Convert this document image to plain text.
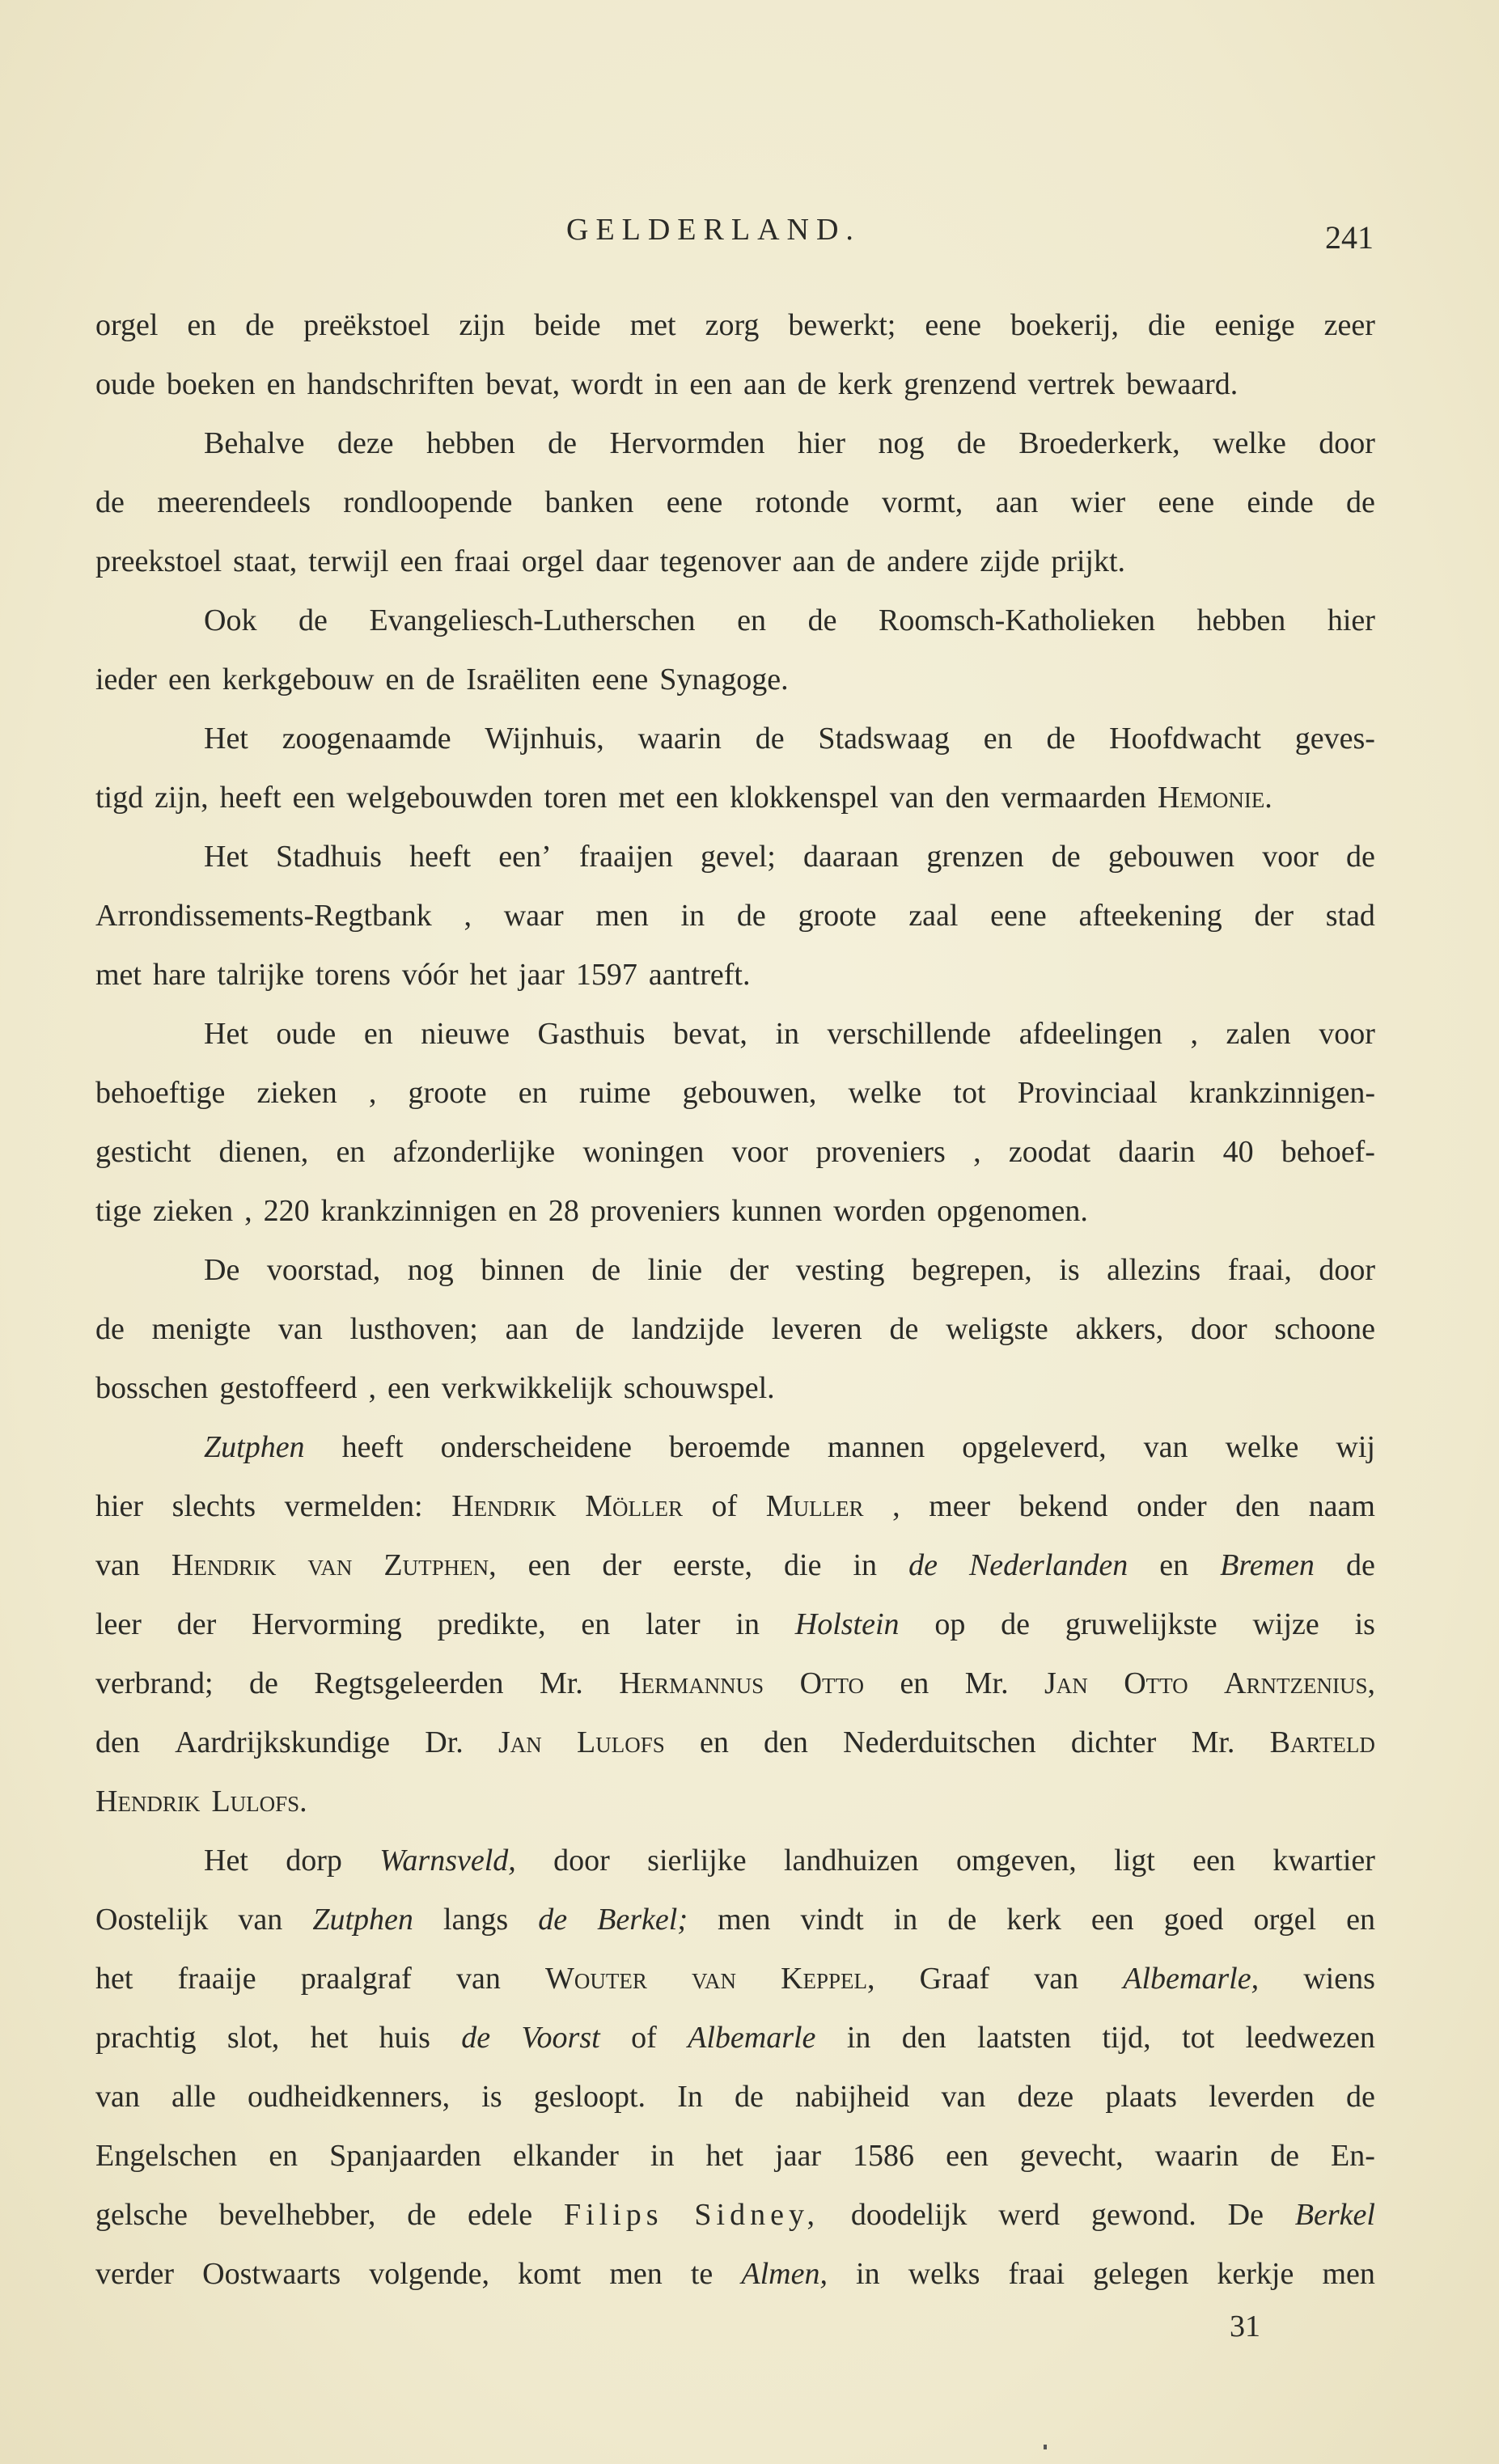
GELDERLAND.	241
orgel en de preëkstoel zijn beide met zorg bewerkt; eene boekerij, die eenige zeer
oude boeken en handschriften bevat, wordt in een aan de kerk grenzend vertrek bewaard.
Behalve deze hebben de Hervormden hier nog de Broederkerk, welke door
de meerendeels rondloopende banken eene rotonde vormt, aan wier eene einde de
preekstoel staat, terwijl een fraai orgel daar tegenover aan de andere zijde prijkt.
Ook de Evangeliesch-Lutherschen en de Roomsch-Katholieken hebben hier
ieder een kerkgebouw en de Israëliten eene Synagoge.
Het zoogenaamde Wijnhuis, waarin de Stadswaag en de Hoofdwacht geves-
tigd zijn, heeft een welgebouwden toren met een klokkenspel van den vermaarden Hemonie.
Het Stadhuis heeft een’ fraaijen gevel; daaraan grenzen de gebouwen voor de
Arrondissements-Regtbank , waar men in de groote zaal eene afteekening der stad
met hare talrijke torens vóór het jaar 1597 aantreft.
Het oude en nieuwe Gasthuis bevat, in verschillende afdeelingen , zalen voor
behoeftige zieken , groote en ruime gebouwen, welke tot Provinciaal krankzinnigen-
gesticht dienen, en afzonderlijke woningen voor proveniers , zoodat daarin 40 behoef-
tige zieken , 220 krankzinnigen en 28 proveniers kunnen worden opgenomen.
De voorstad, nog binnen de linie der vesting begrepen, is allezins fraai, door
de menigte van lusthoven; aan de landzijde leveren de weligste akkers, door schoone
bosschen gestoffeerd , een verkwikkelijk schouwspel.
Zutphen heeft onderscheidene beroemde mannen opgeleverd, van welke wij
hier slechts vermelden: Hendrik Möller of Muller , meer bekend onder den naam
van Hendrik van Zutphen, een der eerste, die in de Nederlanden en Bremen de
leer der Hervorming predikte, en later in Holstein op de gruwelijkste wijze is
verbrand; de Regtsgeleerden Mr. Hermannus Otto en Mr. Jan Otto Arntzenius,
den Aardrijkskundige Dr. Jan Lulofs en den Nederduitschen dichter Mr. Barteld
Hendrik Lulofs.
Het dorp Warnsveld, door sierlijke landhuizen omgeven, ligt een kwartier
Oostelijk van Zutphen langs de Berkel; men vindt in de kerk een goed orgel en
het fraaije praalgraf van Wouter van Keppel, Graaf van Albemarle, wiens
prachtig slot, het huis de Voorst of Albemarle in den laatsten tijd, tot leedwezen
van alle oudheidkenners, is gesloopt. In de nabijheid van deze plaats leverden de
Engelschen en Spanjaarden elkander in het jaar 1586 een gevecht, waarin de En-
gelsche bevelhebber, de edele Filips Sidney, doodelijk werd gewond. De Berkel
verder Oostwaarts volgende, komt men te Almen, in welks fraai gelegen kerkje men
31
